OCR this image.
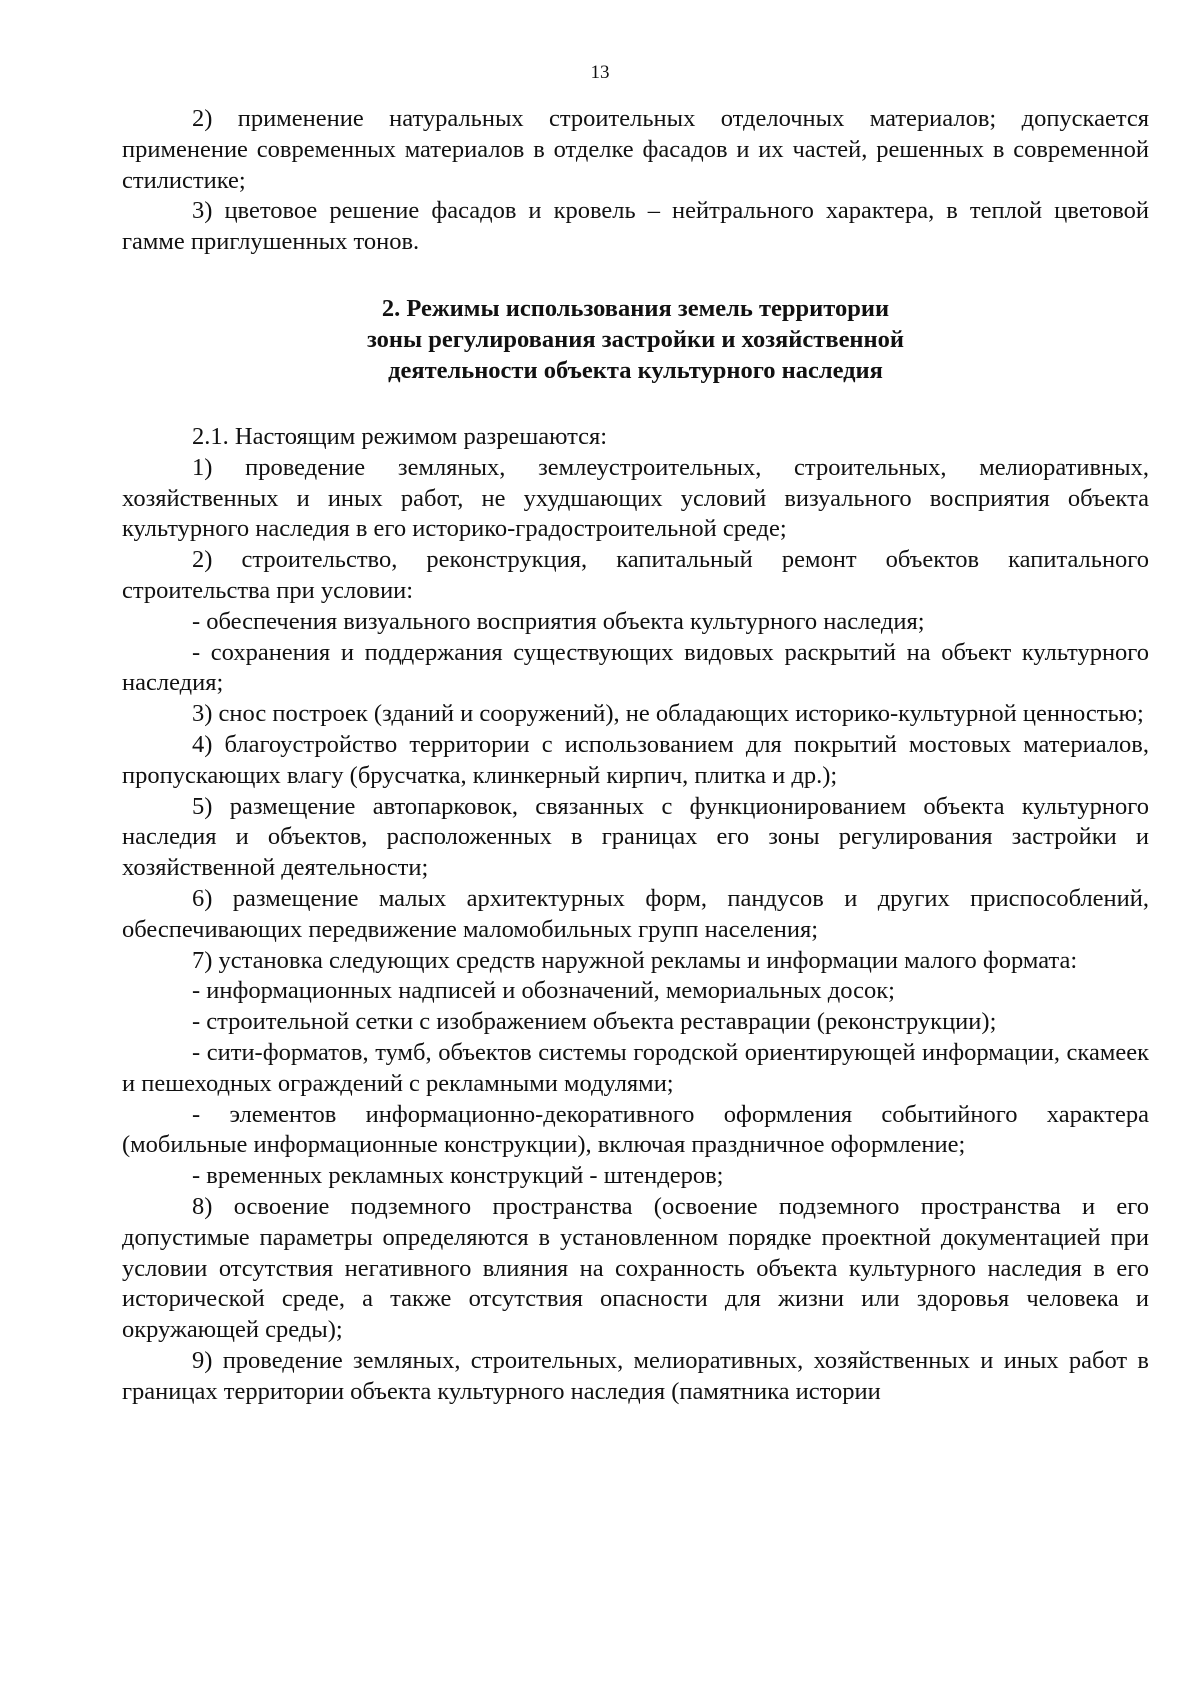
13

2) применение натуральных строительных отделочных материалов; допускается применение современных материалов в отделке фасадов и их частей, решенных в современной стилистике;

3) цветовое решение фасадов и кровель – нейтрального характера, в теплой цветовой гамме приглушенных тонов.

2. Режимы использования земель территории

зоны регулирования застройки и хозяйственной

деятельности объекта культурного наследия

2.1. Настоящим режимом разрешаются:

1) проведение земляных, землеустроительных, строительных, мелиоративных, хозяйственных и иных работ, не ухудшающих условий визуального восприятия объекта культурного наследия в его историко-градостроительной среде;

2) строительство, реконструкция, капитальный ремонт объектов капитального строительства при условии:

- обеспечения визуального восприятия объекта культурного наследия;

- сохранения и поддержания существующих видовых раскрытий на объект культурного наследия;

3) снос построек (зданий и сооружений), не обладающих историко-культурной ценностью;

4) благоустройство территории с использованием для покрытий мостовых материалов, пропускающих влагу (брусчатка, клинкерный кирпич, плитка и др.);

5) размещение автопарковок, связанных с функционированием объекта культурного наследия и объектов, расположенных в границах его зоны регулирования застройки и хозяйственной деятельности;

6) размещение малых архитектурных форм, пандусов и других приспособлений, обеспечивающих передвижение маломобильных групп населения;

7) установка следующих средств наружной рекламы и информации малого формата:

- информационных надписей и обозначений, мемориальных досок;

- строительной сетки с изображением объекта реставрации (реконструкции);

- сити-форматов, тумб, объектов системы городской ориентирующей информации, скамеек и пешеходных ограждений с рекламными модулями;

- элементов информационно-декоративного оформления событийного характера (мобильные информационные конструкции), включая праздничное оформление;

- временных рекламных конструкций - штендеров;

8) освоение подземного пространства (освоение подземного пространства и его допустимые параметры определяются в установленном порядке проектной документацией при условии отсутствия негативного влияния на сохранность объекта культурного наследия в его исторической среде, а также отсутствия опасности для жизни или здоровья человека и окружающей среды);

9) проведение земляных, строительных, мелиоративных, хозяйственных и иных работ в границах территории объекта культурного наследия (памятника истории
